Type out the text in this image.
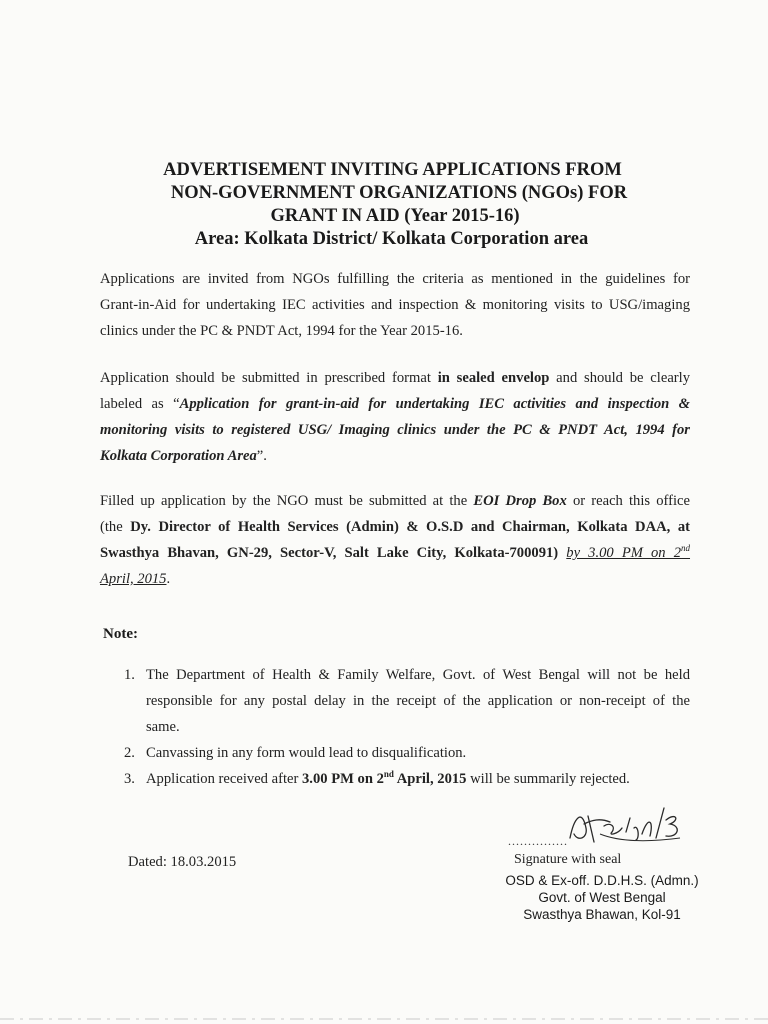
ADVERTISEMENT INVITING APPLICATIONS FROM
NON-GOVERNMENT ORGANIZATIONS (NGOs) FOR
GRANT IN AID (Year 2015-16)
Area: Kolkata District/ Kolkata Corporation area
Applications are invited from NGOs fulfilling the criteria as mentioned in the guidelines for
Grant-in-Aid for undertaking IEC activities and inspection & monitoring visits to USG/imaging
clinics under the PC & PNDT Act, 1994 for the Year 2015-16.
Application should be submitted in prescribed format in sealed envelop and should be clearly
labeled as “Application for grant-in-aid for undertaking IEC activities and inspection &
monitoring visits to registered USG/ Imaging clinics under the PC & PNDT Act, 1994 for
Kolkata Corporation Area”.
Filled up application by the NGO must be submitted at the EOI Drop Box or reach this office
(the Dy. Director of Health Services (Admin) & O.S.D and Chairman, Kolkata DAA, at
Swasthya Bhavan, GN-29, Sector-V, Salt Lake City, Kolkata-700091) by 3.00 PM on 2nd
April, 2015.
Note:
1. The Department of Health & Family Welfare, Govt. of West Bengal will not be held
responsible for any postal delay in the receipt of the application or non-receipt of the
same.
2. Canvassing in any form would lead to disqualification.
3. Application received after 3.00 PM on 2nd April, 2015 will be summarily rejected.
Dated: 18.03.2015
...............
Signature with seal
OSD & Ex-off. D.D.H.S. (Admn.)
Govt. of West Bengal
Swasthya Bhawan, Kol-91
